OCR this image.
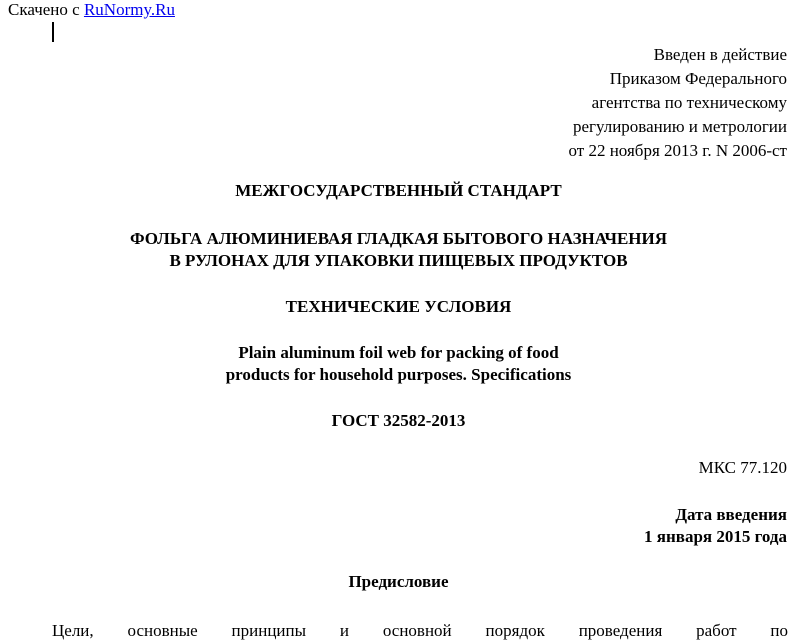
Скачено с RuNormy.Ru
Введен в действие
Приказом Федерального
агентства по техническому
регулированию и метрологии
от 22 ноября 2013 г. N 2006-ст
МЕЖГОСУДАРСТВЕННЫЙ СТАНДАРТ
ФОЛЬГА АЛЮМИНИЕВАЯ ГЛАДКАЯ БЫТОВОГО НАЗНАЧЕНИЯ
В РУЛОНАХ ДЛЯ УПАКОВКИ ПИЩЕВЫХ ПРОДУКТОВ
ТЕХНИЧЕСКИЕ УСЛОВИЯ
Plain aluminum foil web for packing of food
products for household purposes. Specifications
ГОСТ 32582-2013
МКС 77.120
Дата введения
1 января 2015 года
Предисловие
Цели, основные принципы и основной порядок проведения работ по
